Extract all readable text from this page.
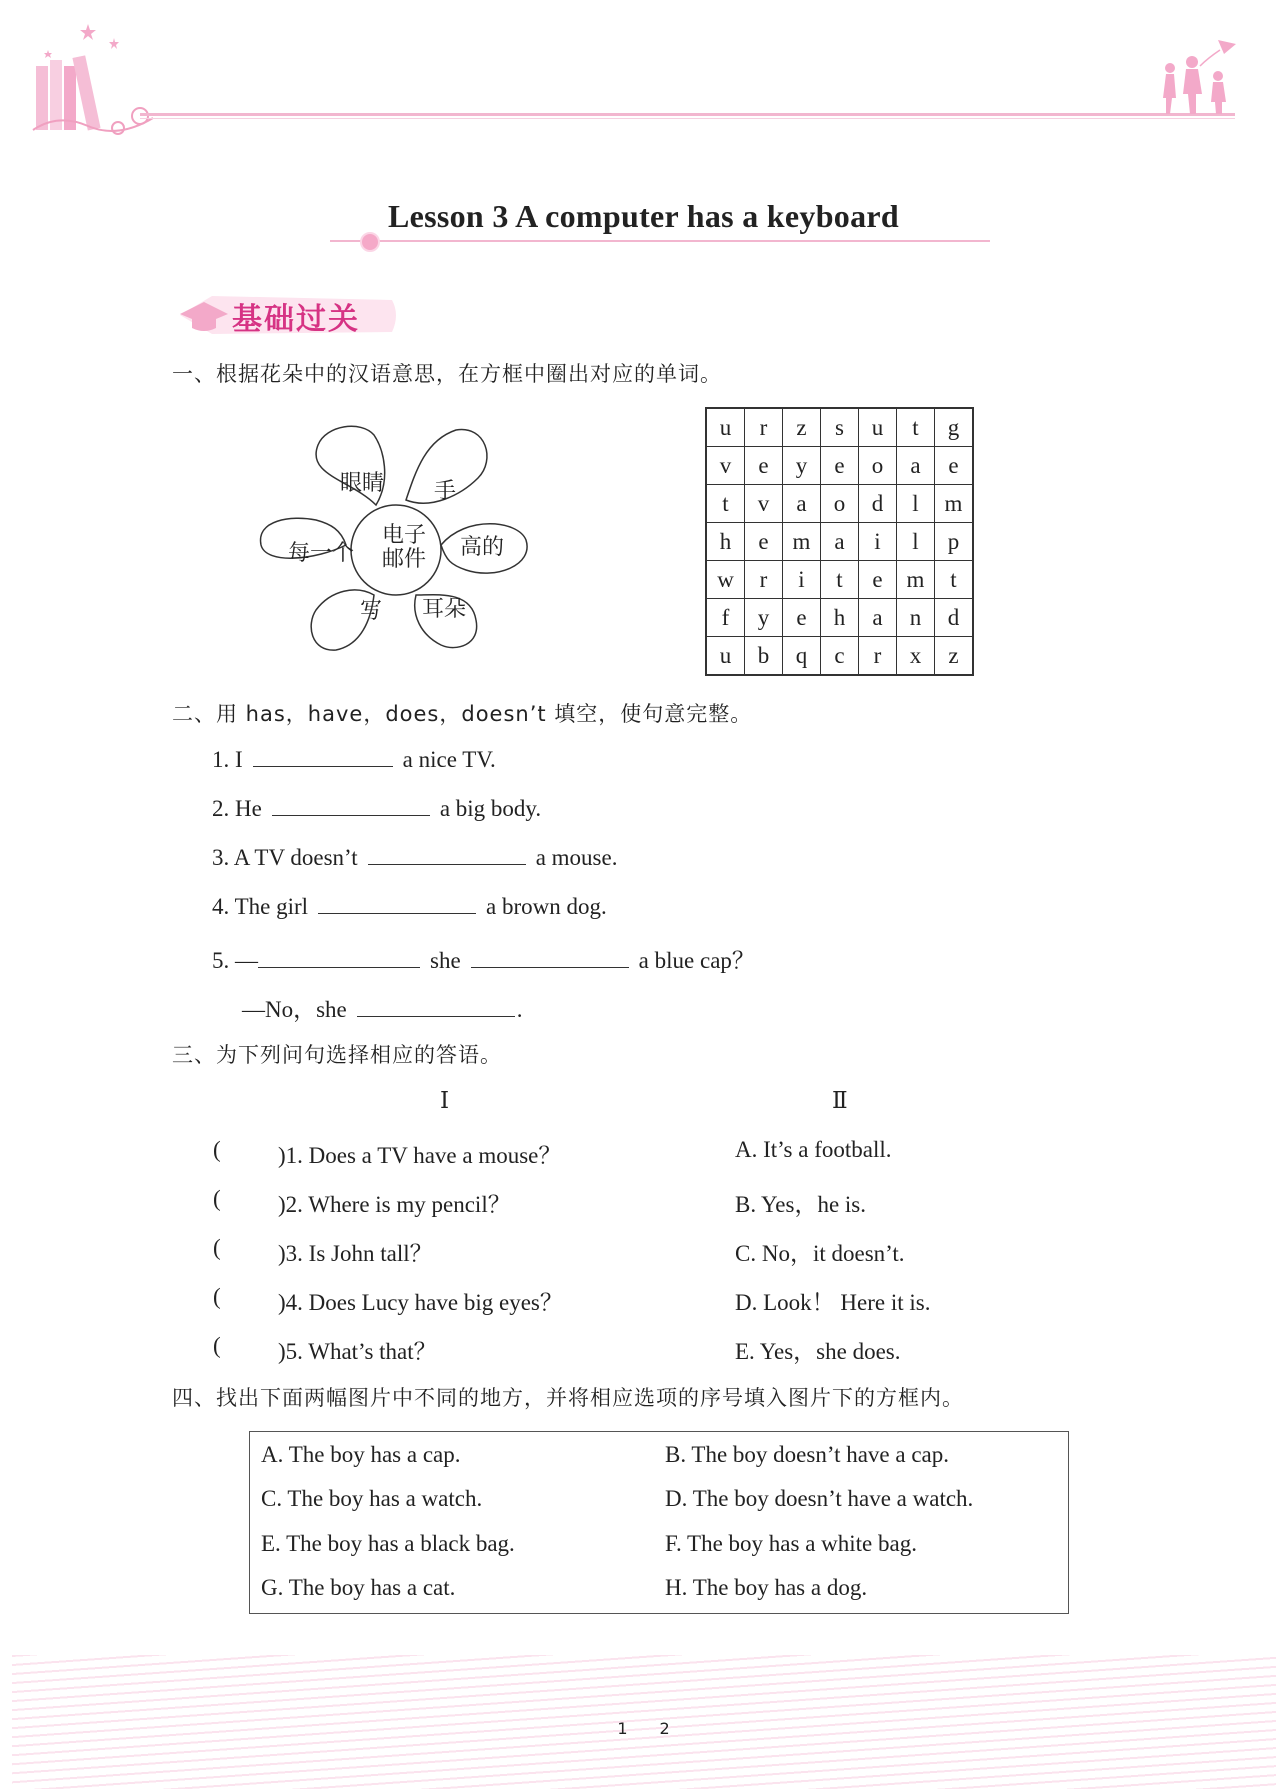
Lesson 3 A computer has a keyboard
基础过关
一、根据花朵中的汉语意思，在方框中圈出对应的单词。
眼睛 手
高的
耳朵
写
每一个
电子
邮件
u	r	z	s	u	t	g
v	e	y	e	o	a	e
t	v	a	o	d	l	m
h	e	m	a	i	l	p
w	r	i	t	e	m	t
f	y	e	h	a	n	d
u	b	q	c	r	x	z
二、用 has，have，does，doesn’t 填空，使句意完整。
1. I	a nice TV.
2. He	a big body.
3. A TV doesn’t	a mouse.
4. The girl	a brown dog.
5. —	she	a blue cap？
—No，she	.
三、为下列问句选择相应的答语。
Ⅰ	Ⅱ
( )1. Does a TV have a mouse？	A. It’s a football.
( )2. Where is my pencil？	B. Yes，he is.
( )3. Is John tall？	C. No，it doesn’t.
( )4. Does Lucy have big eyes？	D. Look！ Here it is.
( )5. What’s that？	E. Yes，she does.
四、找出下面两幅图片中不同的地方，并将相应选项的序号填入图片下的方框内。
A. The boy has a cap.	B. The boy doesn’t have a cap.
C. The boy has a watch.	D. The boy doesn’t have a watch.
E. The boy has a black bag.	F. The boy has a white bag.
G. The boy has a cat.	H. The boy has a dog.
1　　2
